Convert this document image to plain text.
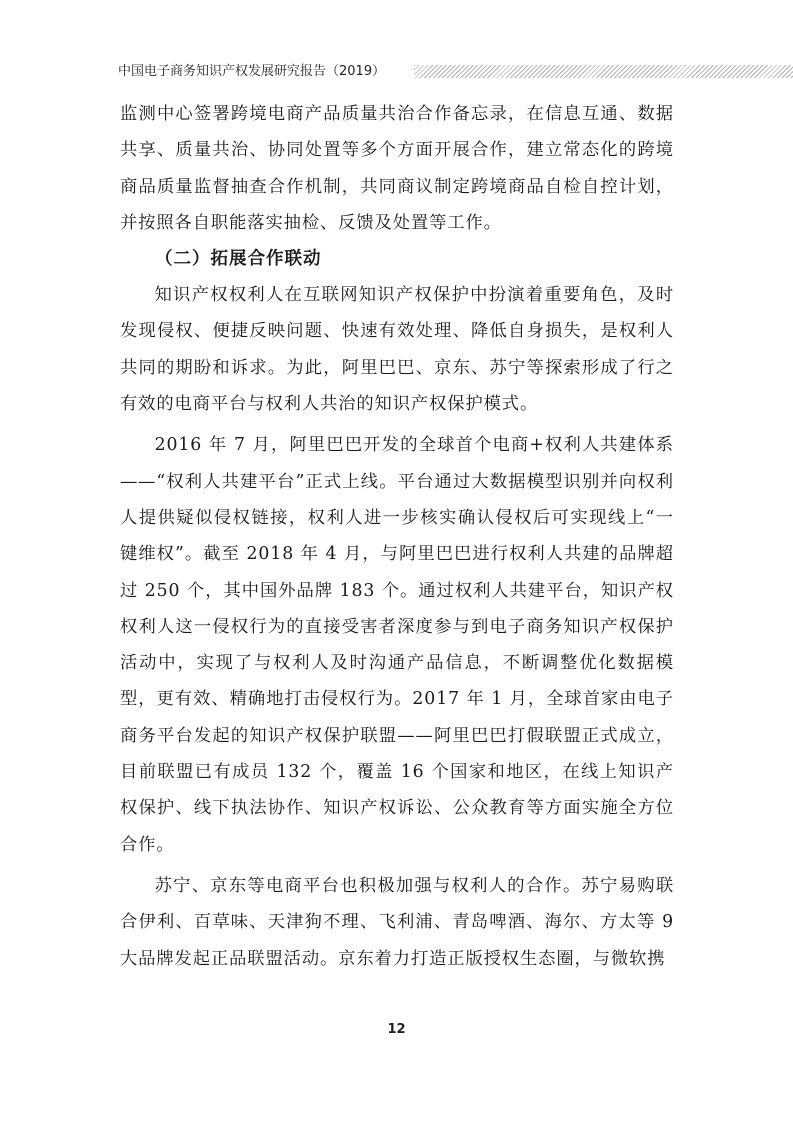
中国电子商务知识产权发展研究报告（2019）

监测中心签署跨境电商产品质量共治合作备忘录，在信息互通、数据共享、质量共治、协同处置等多个方面开展合作，建立常态化的跨境商品质量监督抽查合作机制，共同商议制定跨境商品自检自控计划，并按照各自职能落实抽检、反馈及处置等工作。

（二）拓展合作联动

知识产权权利人在互联网知识产权保护中扮演着重要角色，及时发现侵权、便捷反映问题、快速有效处理、降低自身损失，是权利人共同的期盼和诉求。为此，阿里巴巴、京东、苏宁等探索形成了行之有效的电商平台与权利人共治的知识产权保护模式。

2016 年 7 月，阿里巴巴开发的全球首个电商+权利人共建体系——“权利人共建平台”正式上线。平台通过大数据模型识别并向权利人提供疑似侵权链接，权利人进一步核实确认侵权后可实现线上“一键维权”。截至 2018 年 4 月，与阿里巴巴进行权利人共建的品牌超过 250 个，其中国外品牌 183 个。通过权利人共建平台，知识产权权利人这一侵权行为的直接受害者深度参与到电子商务知识产权保护活动中，实现了与权利人及时沟通产品信息，不断调整优化数据模型，更有效、精确地打击侵权行为。2017 年 1 月，全球首家由电子商务平台发起的知识产权保护联盟——阿里巴巴打假联盟正式成立，目前联盟已有成员 132 个，覆盖 16 个国家和地区，在线上知识产权保护、线下执法协作、知识产权诉讼、公众教育等方面实施全方位合作。

苏宁、京东等电商平台也积极加强与权利人的合作。苏宁易购联合伊利、百草味、天津狗不理、飞利浦、青岛啤酒、海尔、方太等 9 大品牌发起正品联盟活动。京东着力打造正版授权生态圈，与微软携

12
